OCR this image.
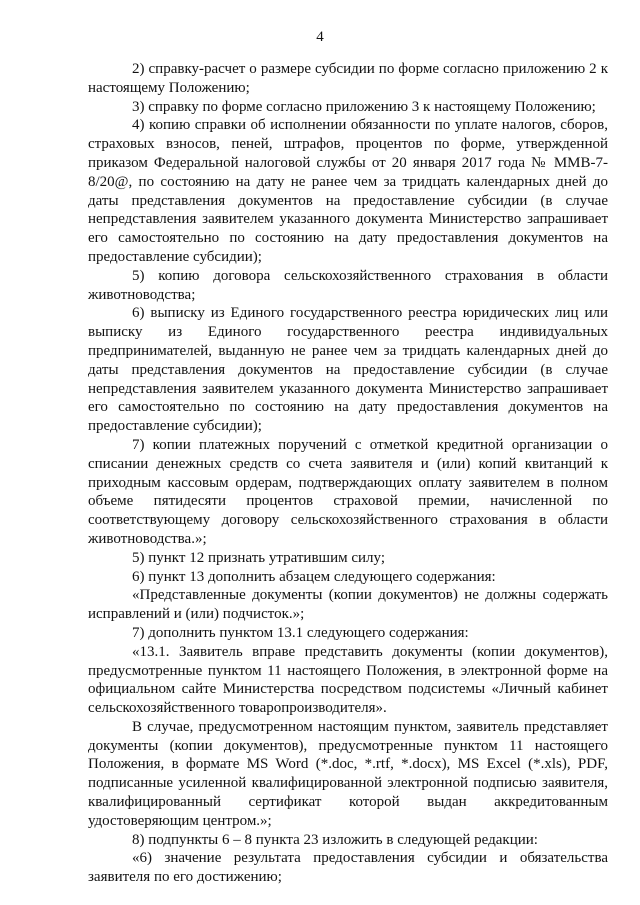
4

2) справку-расчет о размере субсидии по форме согласно приложению 2 к настоящему Положению;

3) справку по форме согласно приложению 3 к настоящему Положению;

4) копию справки об исполнении обязанности по уплате налогов, сборов, страховых взносов, пеней, штрафов, процентов по форме, утвержденной приказом Федеральной налоговой службы от 20 января 2017 года № ММВ-7-8/20@, по состоянию на дату не ранее чем за тридцать календарных дней до даты представления документов на предоставление субсидии (в случае непредставления заявителем указанного документа Министерство запрашивает его самостоятельно по состоянию на дату предоставления документов на предоставление субсидии);

5) копию договора сельскохозяйственного страхования в области животноводства;

6) выписку из Единого государственного реестра юридических лиц или выписку из Единого государственного реестра индивидуальных предпринимателей, выданную не ранее чем за тридцать календарных дней до даты представления документов на предоставление субсидии (в случае непредставления заявителем указанного документа Министерство запрашивает его самостоятельно по состоянию на дату предоставления документов на предоставление субсидии);

7) копии платежных поручений с отметкой кредитной организации о списании денежных средств со счета заявителя и (или) копий квитанций к приходным кассовым ордерам, подтверждающих оплату заявителем в полном объеме пятидесяти процентов страховой премии, начисленной по соответствующему договору сельскохозяйственного страхования в области животноводства.»;

5) пункт 12 признать утратившим силу;

6) пункт 13 дополнить абзацем следующего содержания:

«Представленные документы (копии документов) не должны содержать исправлений и (или) подчисток.»;

7) дополнить пунктом 13.1 следующего содержания:

«13.1. Заявитель вправе представить документы (копии документов), предусмотренные пунктом 11 настоящего Положения, в электронной форме на официальном сайте Министерства посредством подсистемы «Личный кабинет сельскохозяйственного товаропроизводителя».

В случае, предусмотренном настоящим пунктом, заявитель представляет документы (копии документов), предусмотренные пунктом 11 настоящего Положения, в формате MS Word (*.doc, *.rtf, *.docx), MS Excel (*.xls), PDF, подписанные усиленной квалифицированной электронной подписью заявителя, квалифицированный сертификат которой выдан аккредитованным удостоверяющим центром.»;

8) подпункты 6 – 8 пункта 23 изложить в следующей редакции:

«6) значение результата предоставления субсидии и обязательства заявителя по его достижению;
